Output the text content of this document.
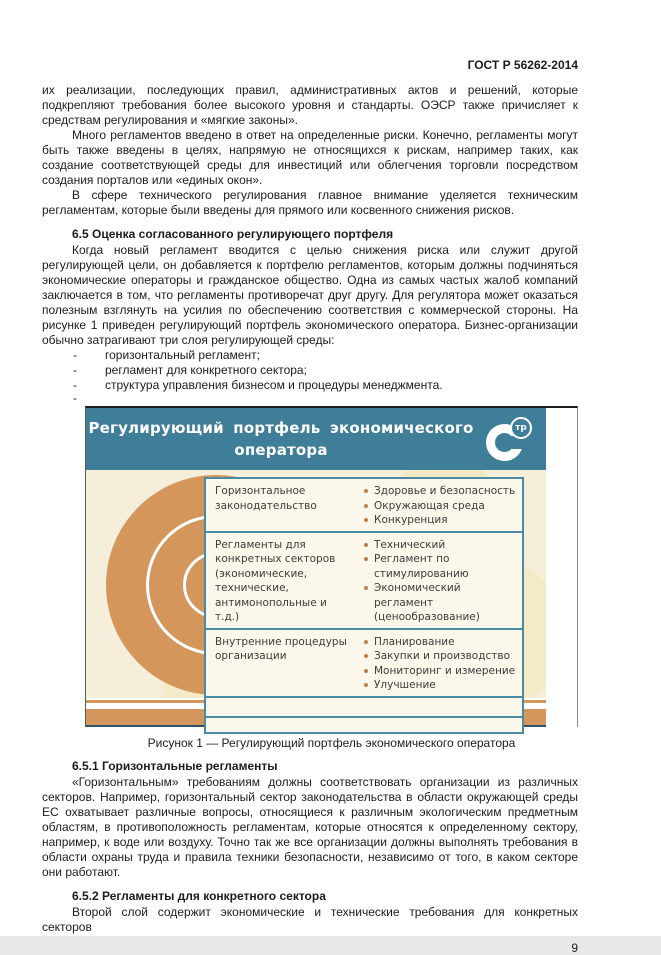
ГОСТ Р 56262-2014

их реализации, последующих правил, административных актов и решений, которые подкрепляют требования более высокого уровня и стандарты. ОЭСР также причисляет к средствам регулирования и «мягкие законы».

Много регламентов введено в ответ на определенные риски. Конечно, регламенты могут быть также введены в целях, напрямую не относящихся к рискам, например таких, как создание соответствующей среды для инвестиций или облегчения торговли посредством создания порталов или «единых окон».

В сфере технического регулирования главное внимание уделяется техническим регламентам, которые были введены для прямого или косвенного снижения рисков.

6.5 Оценка согласованного регулирующего портфеля

Когда новый регламент вводится с целью снижения риска или служит другой регулирующей цели, он добавляется к портфелю регламентов, которым должны подчиняться экономические операторы и гражданское общество. Одна из самых частых жалоб компаний заключается в том, что регламенты противоречат друг другу. Для регулятора может оказаться полезным взглянуть на усилия по обеспечению соответствия с коммерческой стороны. На рисунке 1 приведен регулирующий портфель экономического оператора. Бизнес-организации обычно затрагивают три слоя регулирующей среды:

- горизонтальный регламент;
- регламент для конкретного сектора;
- структура управления бизнесом и процедуры менеджмента.
-
Регулирующий портфель экономического оператора
тр
Горизонтальное законодательство
Здоровье и безопасность
Окружающая среда
Конкуренция
Регламенты для конкретных секторов (экономические, технические, антимонопольные и т.д.)
Технический
Регламент по стимулированию
Экономический регламент (ценообразование)
Внутренние процедуры организации
Планирование
Закупки и производство
Мониторинг и измерение
Улучшение
Рисунок 1 — Регулирующий портфель экономического оператора
6.5.1 Горизонтальные регламенты

«Горизонтальным» требованиям должны соответствовать организации из различных секторов. Например, горизонтальный сектор законодательства в области окружающей среды ЕС охватывает различные вопросы, относящиеся к различным экологическим предметным областям, в противоположность регламентам, которые относятся к определенному сектору, например, к воде или воздуху. Точно так же все организации должны выполнять требования в области охраны труда и правила техники безопасности, независимо от того, в каком секторе они работают.

6.5.2 Регламенты для конкретного сектора

Второй слой содержит экономические и технические требования для конкретных секторов

9
